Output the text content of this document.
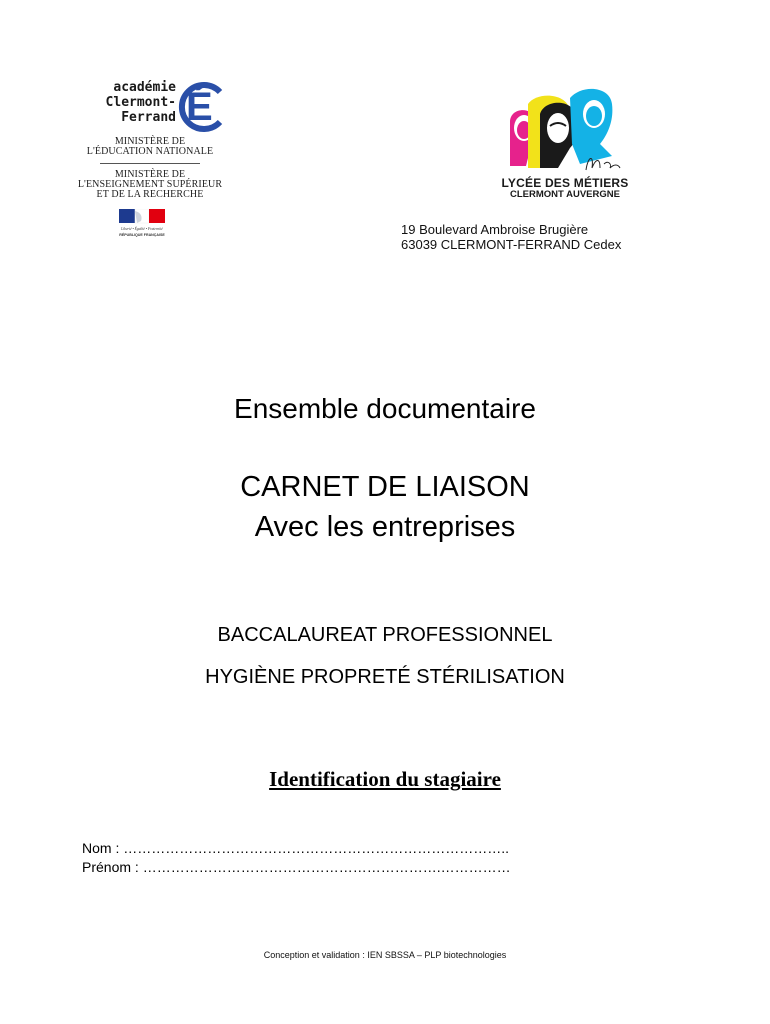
académie
Clermont-Ferrand É
MINISTÈRE DE
L'ÉDUCATION NATIONALE
MINISTÈRE DE
L'ENSEIGNEMENT SUPÉRIEUR
ET DE LA RECHERCHE
Liberté • Égalité • Fraternité
RÉPUBLIQUE FRANÇAISE
LYCÉE DES MÉTIERS
CLERMONT AUVERGNE
19 Boulevard Ambroise Brugière
63039 CLERMONT-FERRAND Cedex
Ensemble documentaire
CARNET DE LIAISON
Avec les entreprises
BACCALAUREAT PROFESSIONNEL
HYGIÈNE PROPRETÉ STÉRILISATION
Identification du stagiaire
Nom : ………………………………………………………………………..
Prénom : ……………………………………………………….……………
Conception et validation : IEN SBSSA – PLP biotechnologies
